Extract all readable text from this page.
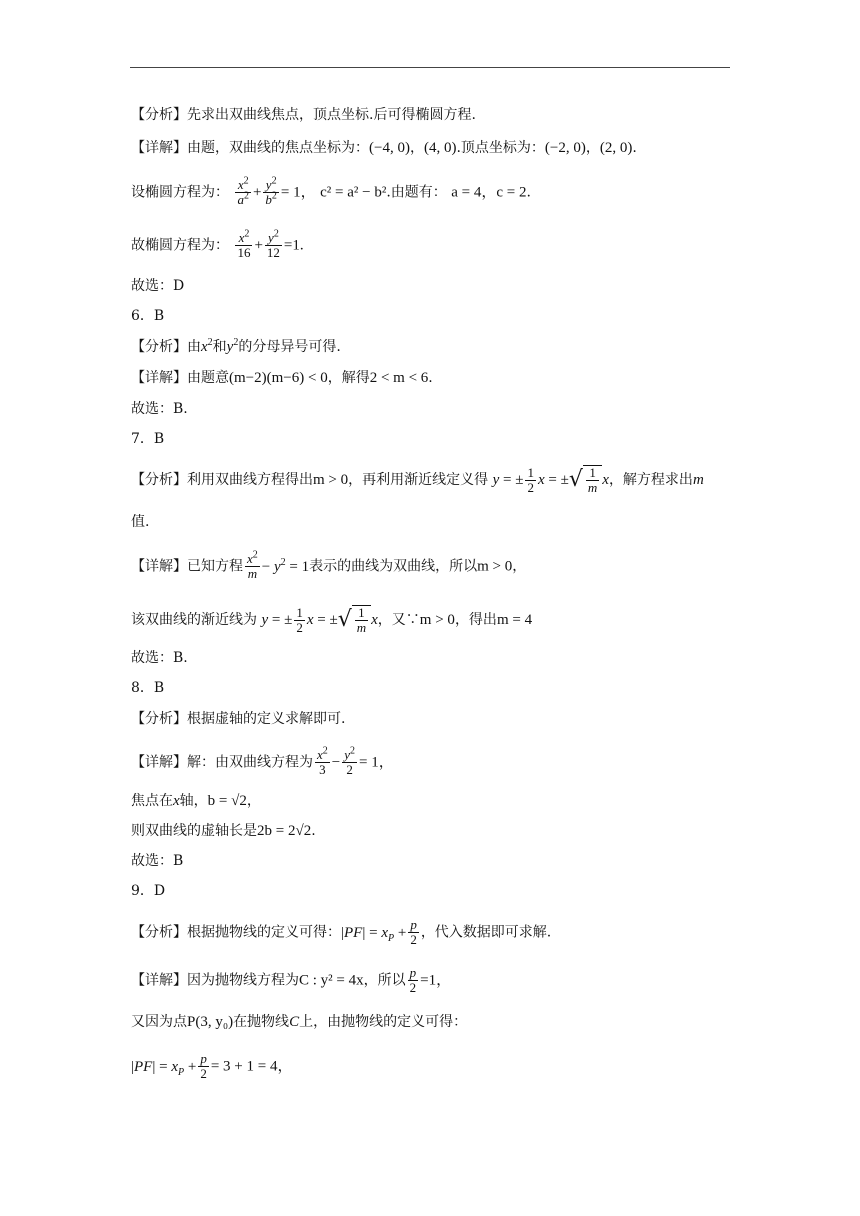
【分析】先求出双曲线焦点，顶点坐标.后可得椭圆方程.
【详解】由题，双曲线的焦点坐标为：(−4, 0)，(4, 0).顶点坐标为：(−2, 0)，(2, 0).
设椭圆方程为： $\frac{x^2}{a^2} + \frac{y^2}{b^2} = 1$， c² = a² − b².由题有： a = 4，c = 2.
故椭圆方程为： $\frac{x^2}{16} + \frac{y^2}{12} =1$.
故选：D
6．B
【分析】由$x^2$和$y^2$的分母异号可得.
【详解】由题意(m−2)(m−6) < 0，解得2 < m < 6.
故选：B.
7．B
【分析】利用双曲线方程得出m > 0，再利用渐近线定义得 y = ± $\frac{1}{2}$ x = ±√ $\frac{1}{m}$ x，解方程求出m
值.
【详解】已知方程 $\frac{x^2}{m} - y^2 = 1$表示的曲线为双曲线，所以m > 0，
该双曲线的渐近线为 y = ± $\frac{1}{2}$ x = ±√ $\frac{1}{m}$ x，又∵m > 0，得出m = 4
故选：B.
8．B
【分析】根据虚轴的定义求解即可.
【详解】解：由双曲线方程为 $\frac{x^2}{3} - \frac{y^2}{2} = 1$，
焦点在x轴，b = √2，
则双曲线的虚轴长是2b = 2√2.
故选：B
9．D
【分析】根据抛物线的定义可得：$|PF| = x_P + \frac{p}{2}$ ，代入数据即可求解.
【详解】因为抛物线方程为C : y² = 4x，所以 $\frac{p}{2} =1$，
又因为点P(3, y₀)在抛物线C上，由抛物线的定义可得：
$|PF| = x_P + \frac{p}{2} = 3 + 1 = 4$，
